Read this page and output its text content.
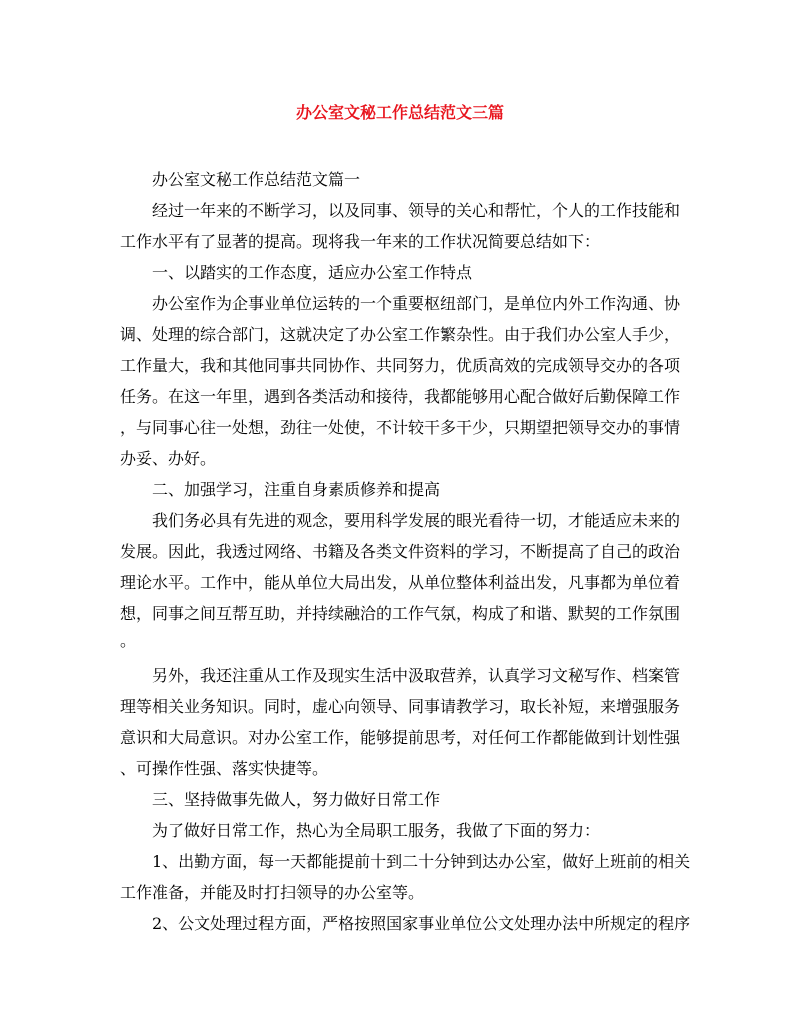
办公室文秘工作总结范文三篇
办公室文秘工作总结范文篇一
经过一年来的不断学习，以及同事、领导的关心和帮忙，个人的工作技能和
工作水平有了显著的提高。现将我一年来的工作状况简要总结如下：
一、以踏实的工作态度，适应办公室工作特点
办公室作为企事业单位运转的一个重要枢纽部门，是单位内外工作沟通、协
调、处理的综合部门，这就决定了办公室工作繁杂性。由于我们办公室人手少，
工作量大，我和其他同事共同协作、共同努力，优质高效的完成领导交办的各项
任务。在这一年里，遇到各类活动和接待，我都能够用心配合做好后勤保障工作
，与同事心往一处想，劲往一处使，不计较干多干少，只期望把领导交办的事情
办妥、办好。
二、加强学习，注重自身素质修养和提高
我们务必具有先进的观念，要用科学发展的眼光看待一切，才能适应未来的
发展。因此，我透过网络、书籍及各类文件资料的学习，不断提高了自己的政治
理论水平。工作中，能从单位大局出发，从单位整体利益出发，凡事都为单位着
想，同事之间互帮互助，并持续融洽的工作气氛，构成了和谐、默契的工作氛围
。
另外，我还注重从工作及现实生活中汲取营养，认真学习文秘写作、档案管
理等相关业务知识。同时，虚心向领导、同事请教学习，取长补短，来增强服务
意识和大局意识。对办公室工作，能够提前思考，对任何工作都能做到计划性强
、可操作性强、落实快捷等。
三、坚持做事先做人，努力做好日常工作
为了做好日常工作，热心为全局职工服务，我做了下面的努力：
1、出勤方面，每一天都能提前十到二十分钟到达办公室，做好上班前的相关
工作准备，并能及时打扫领导的办公室等。
2、公文处理过程方面，严格按照国家事业单位公文处理办法中所规定的程序
